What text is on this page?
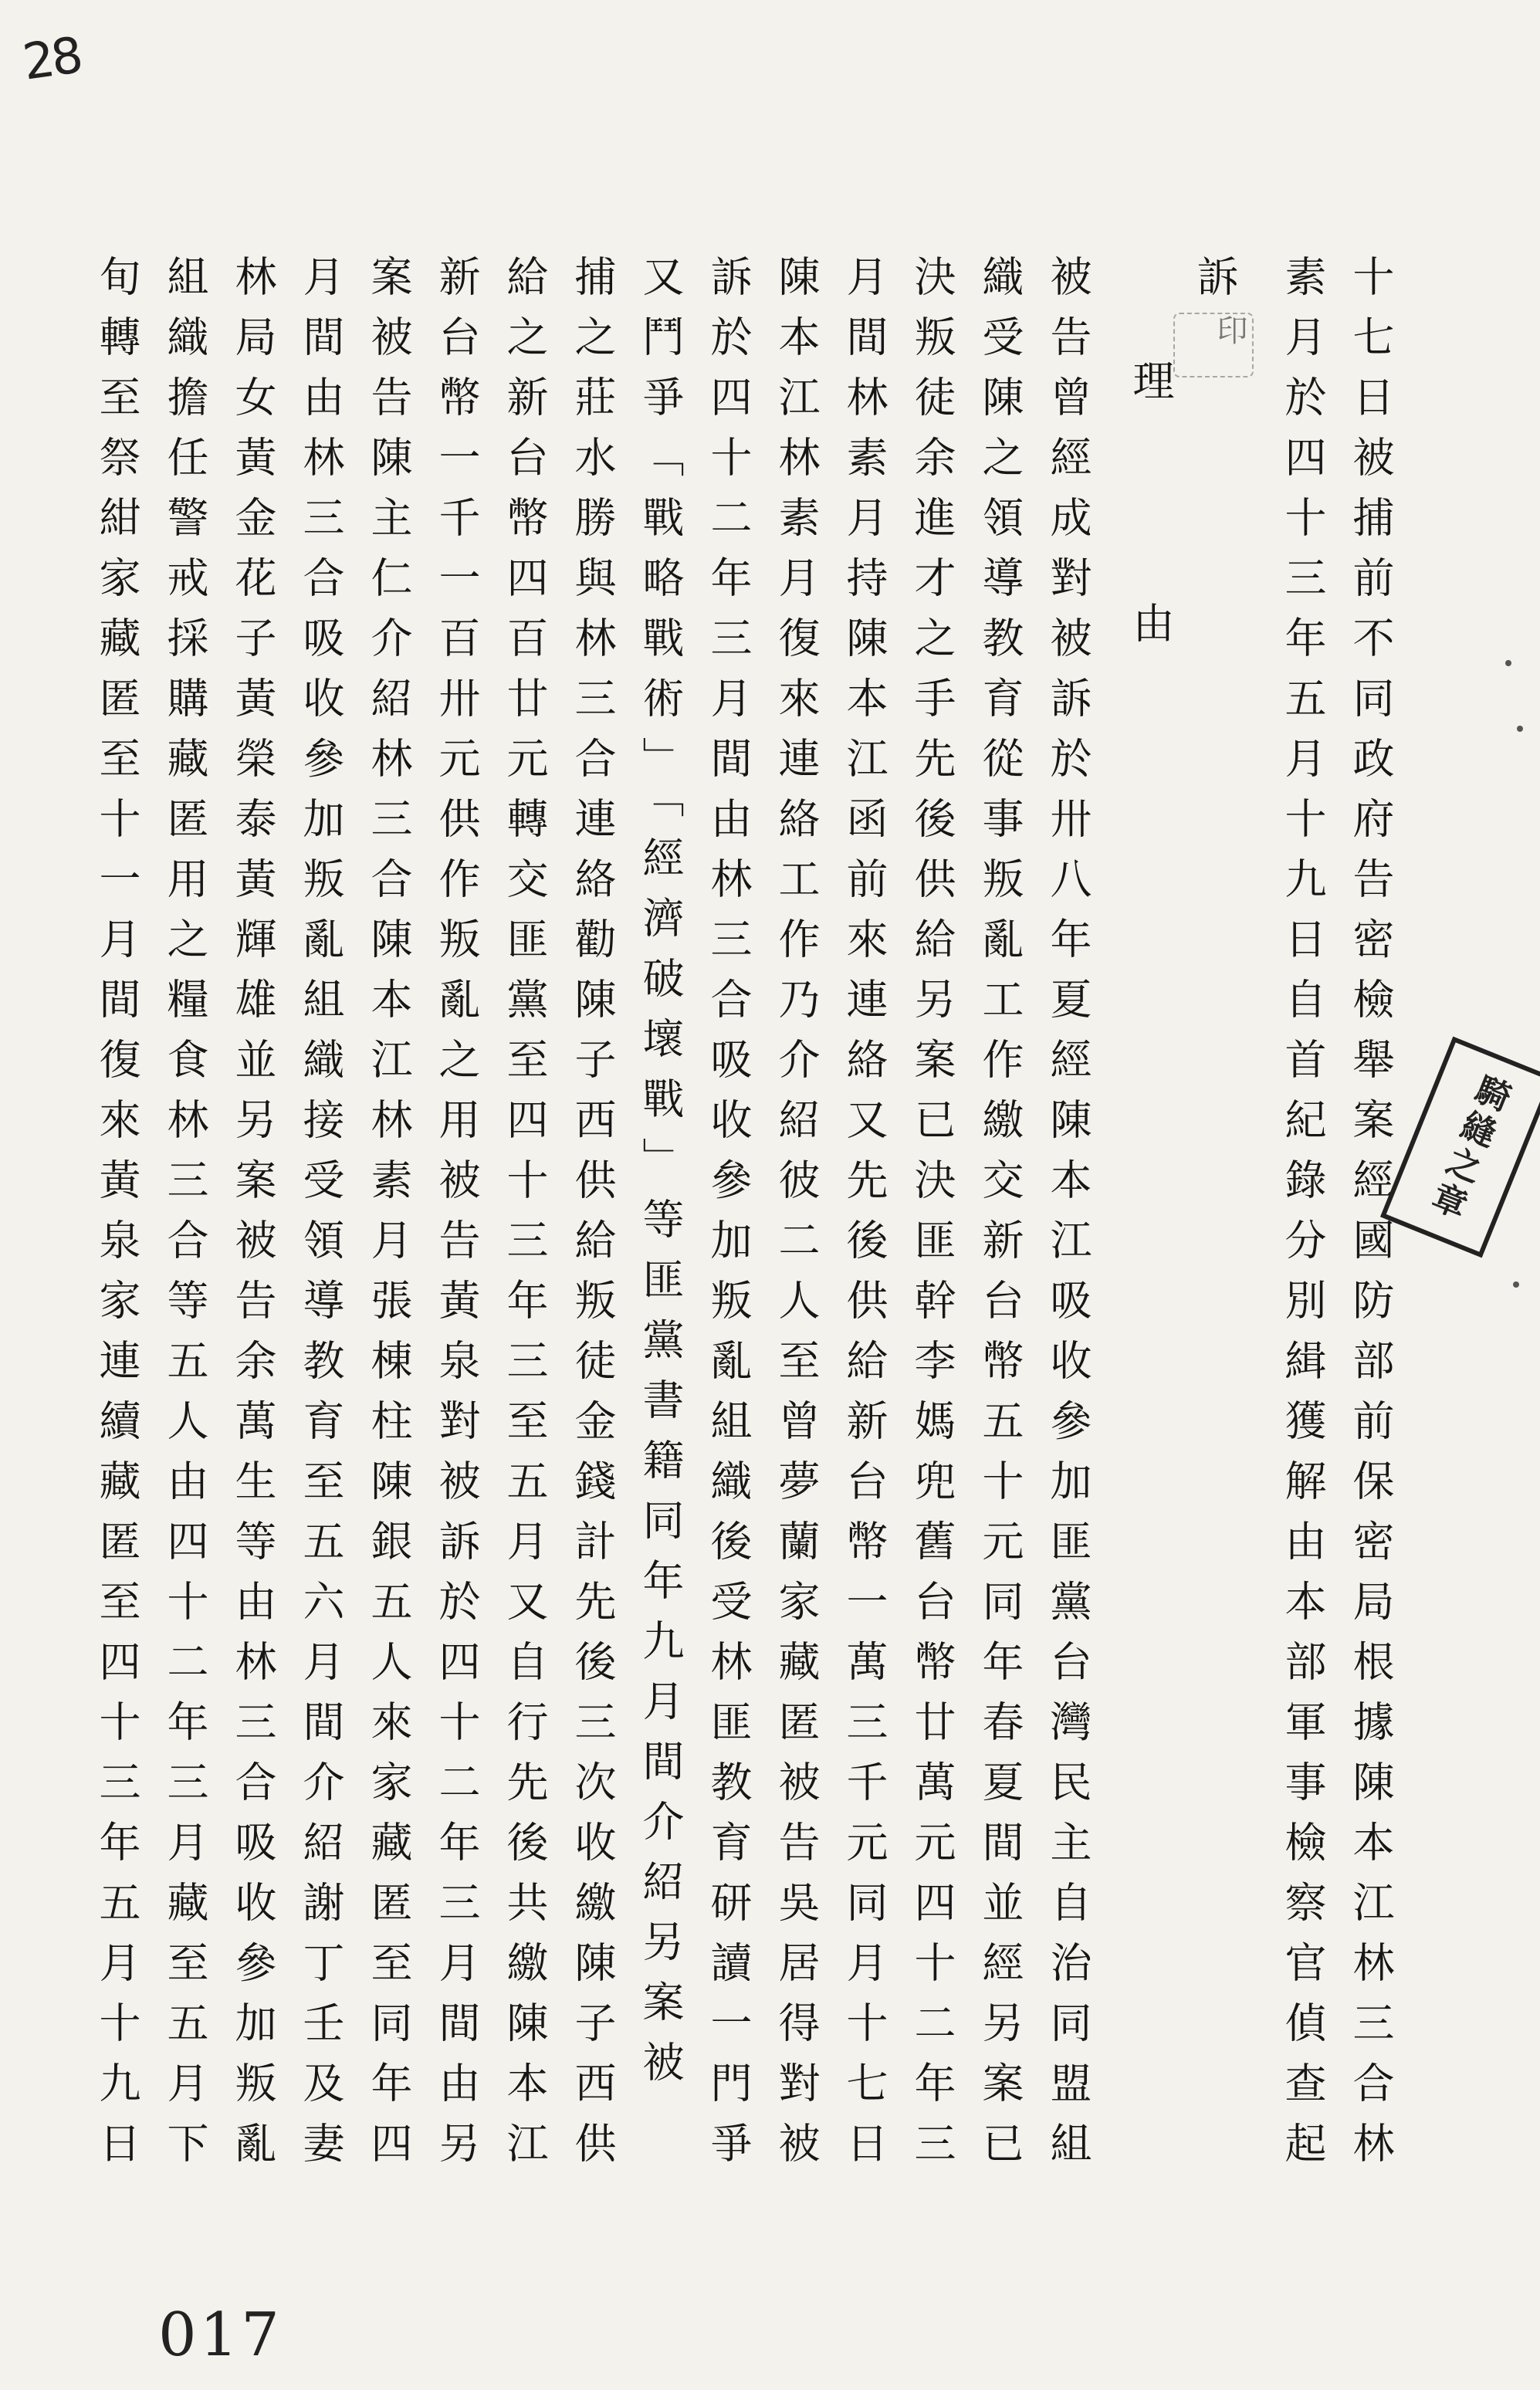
28
十七日被捕前不同政府告密檢舉案經國防部前保密局根據陳本江林三合林
素月於四十三年五月十九日自首紀錄分別緝獲解由本部軍事檢察官偵查起
訴
理由
被告曾經成對被訴於卅八年夏經陳本江吸收參加匪黨台灣民主自治同盟組
織受陳之領導教育從事叛亂工作繳交新台幣五十元同年春夏間並經另案已
決叛徒余進才之手先後供給另案已決匪幹李媽兜舊台幣廿萬元四十二年三
月間林素月持陳本江函前來連絡又先後供給新台幣一萬三千元同月十七日
陳本江林素月復來連絡工作乃介紹彼二人至曾夢蘭家藏匿被告吳居得對被
訴於四十二年三月間由林三合吸收參加叛亂組織後受林匪教育研讀一門爭
又鬥爭「戰略戰術」「經濟破壞戰」等匪黨書籍同年九月間介紹另案被
捕之莊水勝與林三合連絡勸陳子西供給叛徒金錢計先後三次收繳陳子西供
給之新台幣四百廿元轉交匪黨至四十三年三至五月又自行先後共繳陳本江
新台幣一千一百卅元供作叛亂之用被告黃泉對被訴於四十二年三月間由另
案被告陳主仁介紹林三合陳本江林素月張棟柱陳銀五人來家藏匿至同年四
月間由林三合吸收參加叛亂組織接受領導教育至五六月間介紹謝丁壬及妻
林局女黃金花子黃榮泰黃輝雄並另案被告余萬生等由林三合吸收參加叛亂
組織擔任警戒採購藏匿用之糧食林三合等五人由四十二年三月藏至五月下
旬轉至祭紺家藏匿至十一月間復來黃泉家連續藏匿至四十三年五月十九日	印
騎縫之章
017
